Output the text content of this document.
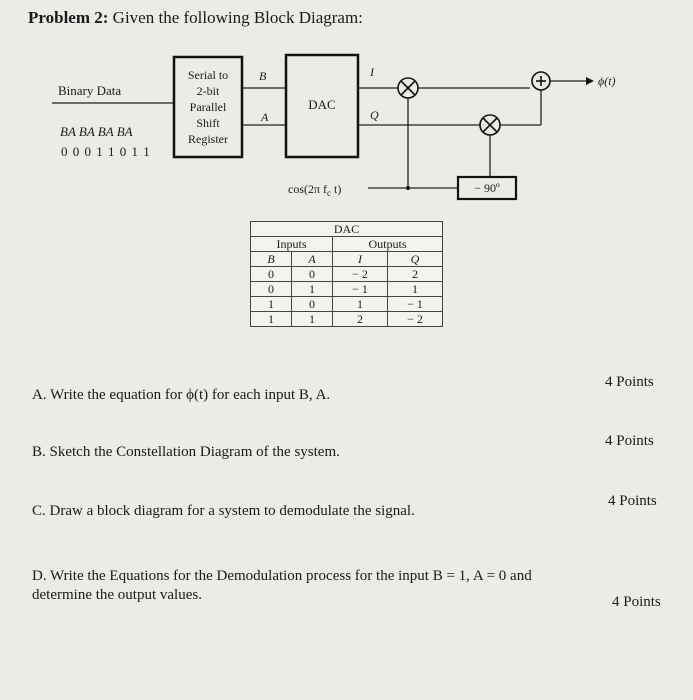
Problem 2: Given the following Block Diagram:
Binary Data
BA BA BA BA
0 0 0 1 1 0 1 1
Serial to
2-bit
Parallel
Shift
Register
B
A
DAC
I
Q
ϕ(t)
cos(2π $f_c$ t)	− 90º
DAC			
Inputs		Outputs	
B	A	I	Q
0	0	− 2	2
0	1	− 1	1
1	0	1	− 1
1	1	2	− 2
A. Write the equation for ϕ(t) for each input B, A.
4 Points
B. Sketch the Constellation Diagram of the system.
4 Points
C. Draw a block diagram for a system to demodulate the signal.
4 Points
D. Write the Equations for the Demodulation process for the input B = 1, A = 0 and
determine the output values.	4 Points
